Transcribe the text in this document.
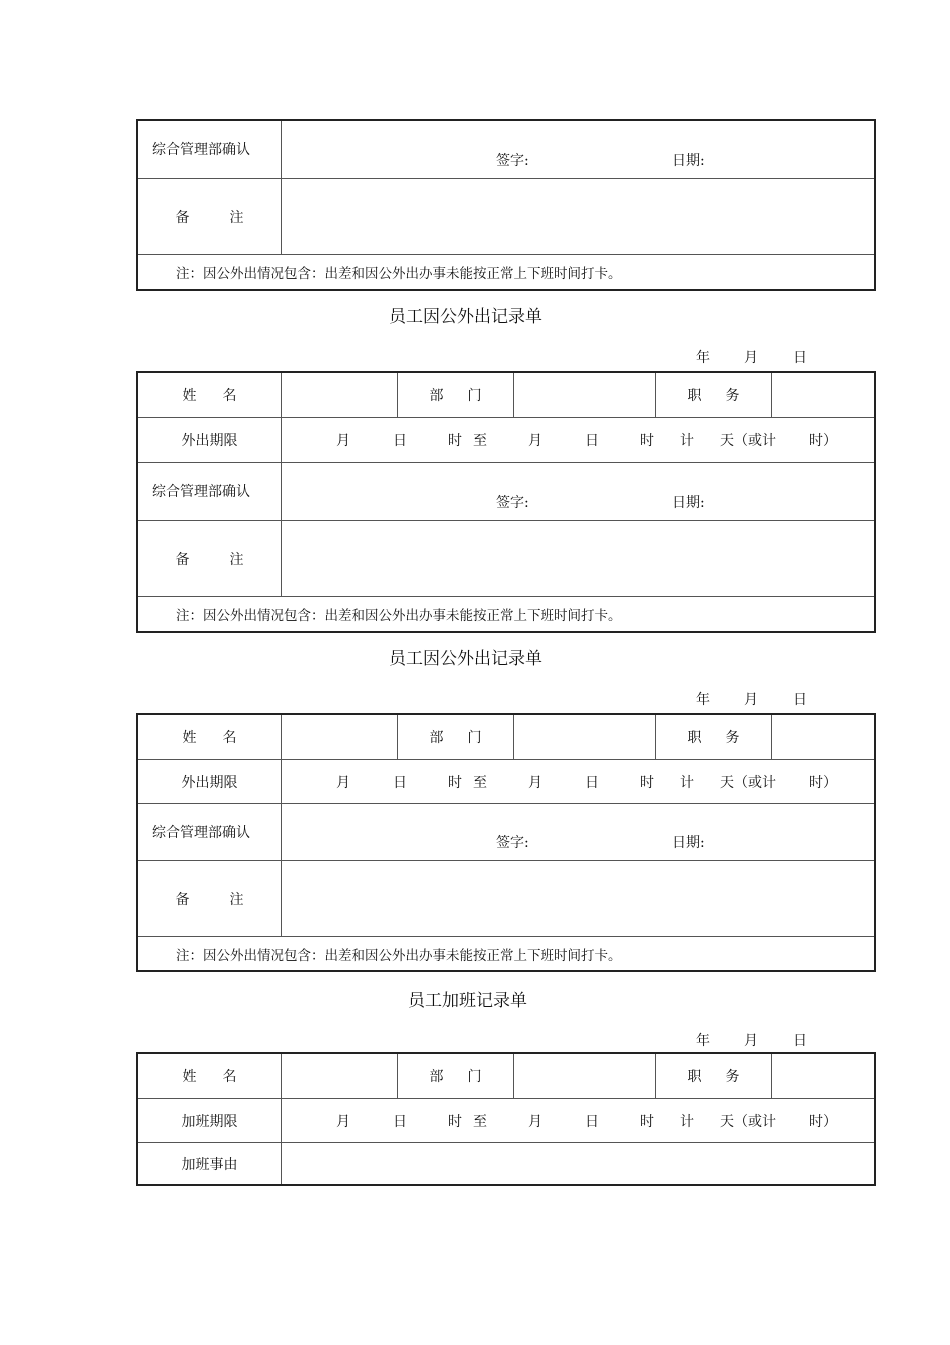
综合管理部确认
签字:	日期:
备	注
注：因公外出情况包含：出差和因公外出办事未能按正常上下班时间打卡。
员工因公外出记录单
年 月	日
姓 名	部 门	职 务
外出期限	月	日	时 至	月	日	时 计 天（或计 时）
综合管理部确认
签字:	日期:
备	注
注：因公外出情况包含：出差和因公外出办事未能按正常上下班时间打卡。
员工因公外出记录单
年 月	日
姓 名	部 门	职 务
外出期限	月	日	时 至	月	日	时 计 天（或计 时）
综合管理部确认
签字:	日期:
备	注
注：因公外出情况包含：出差和因公外出办事未能按正常上下班时间打卡。
员工加班记录单
年 月	日
姓 名	部 门	职 务
加班期限	月	日	时 至	月	日	时 计 天（或计 时）
加班事由
